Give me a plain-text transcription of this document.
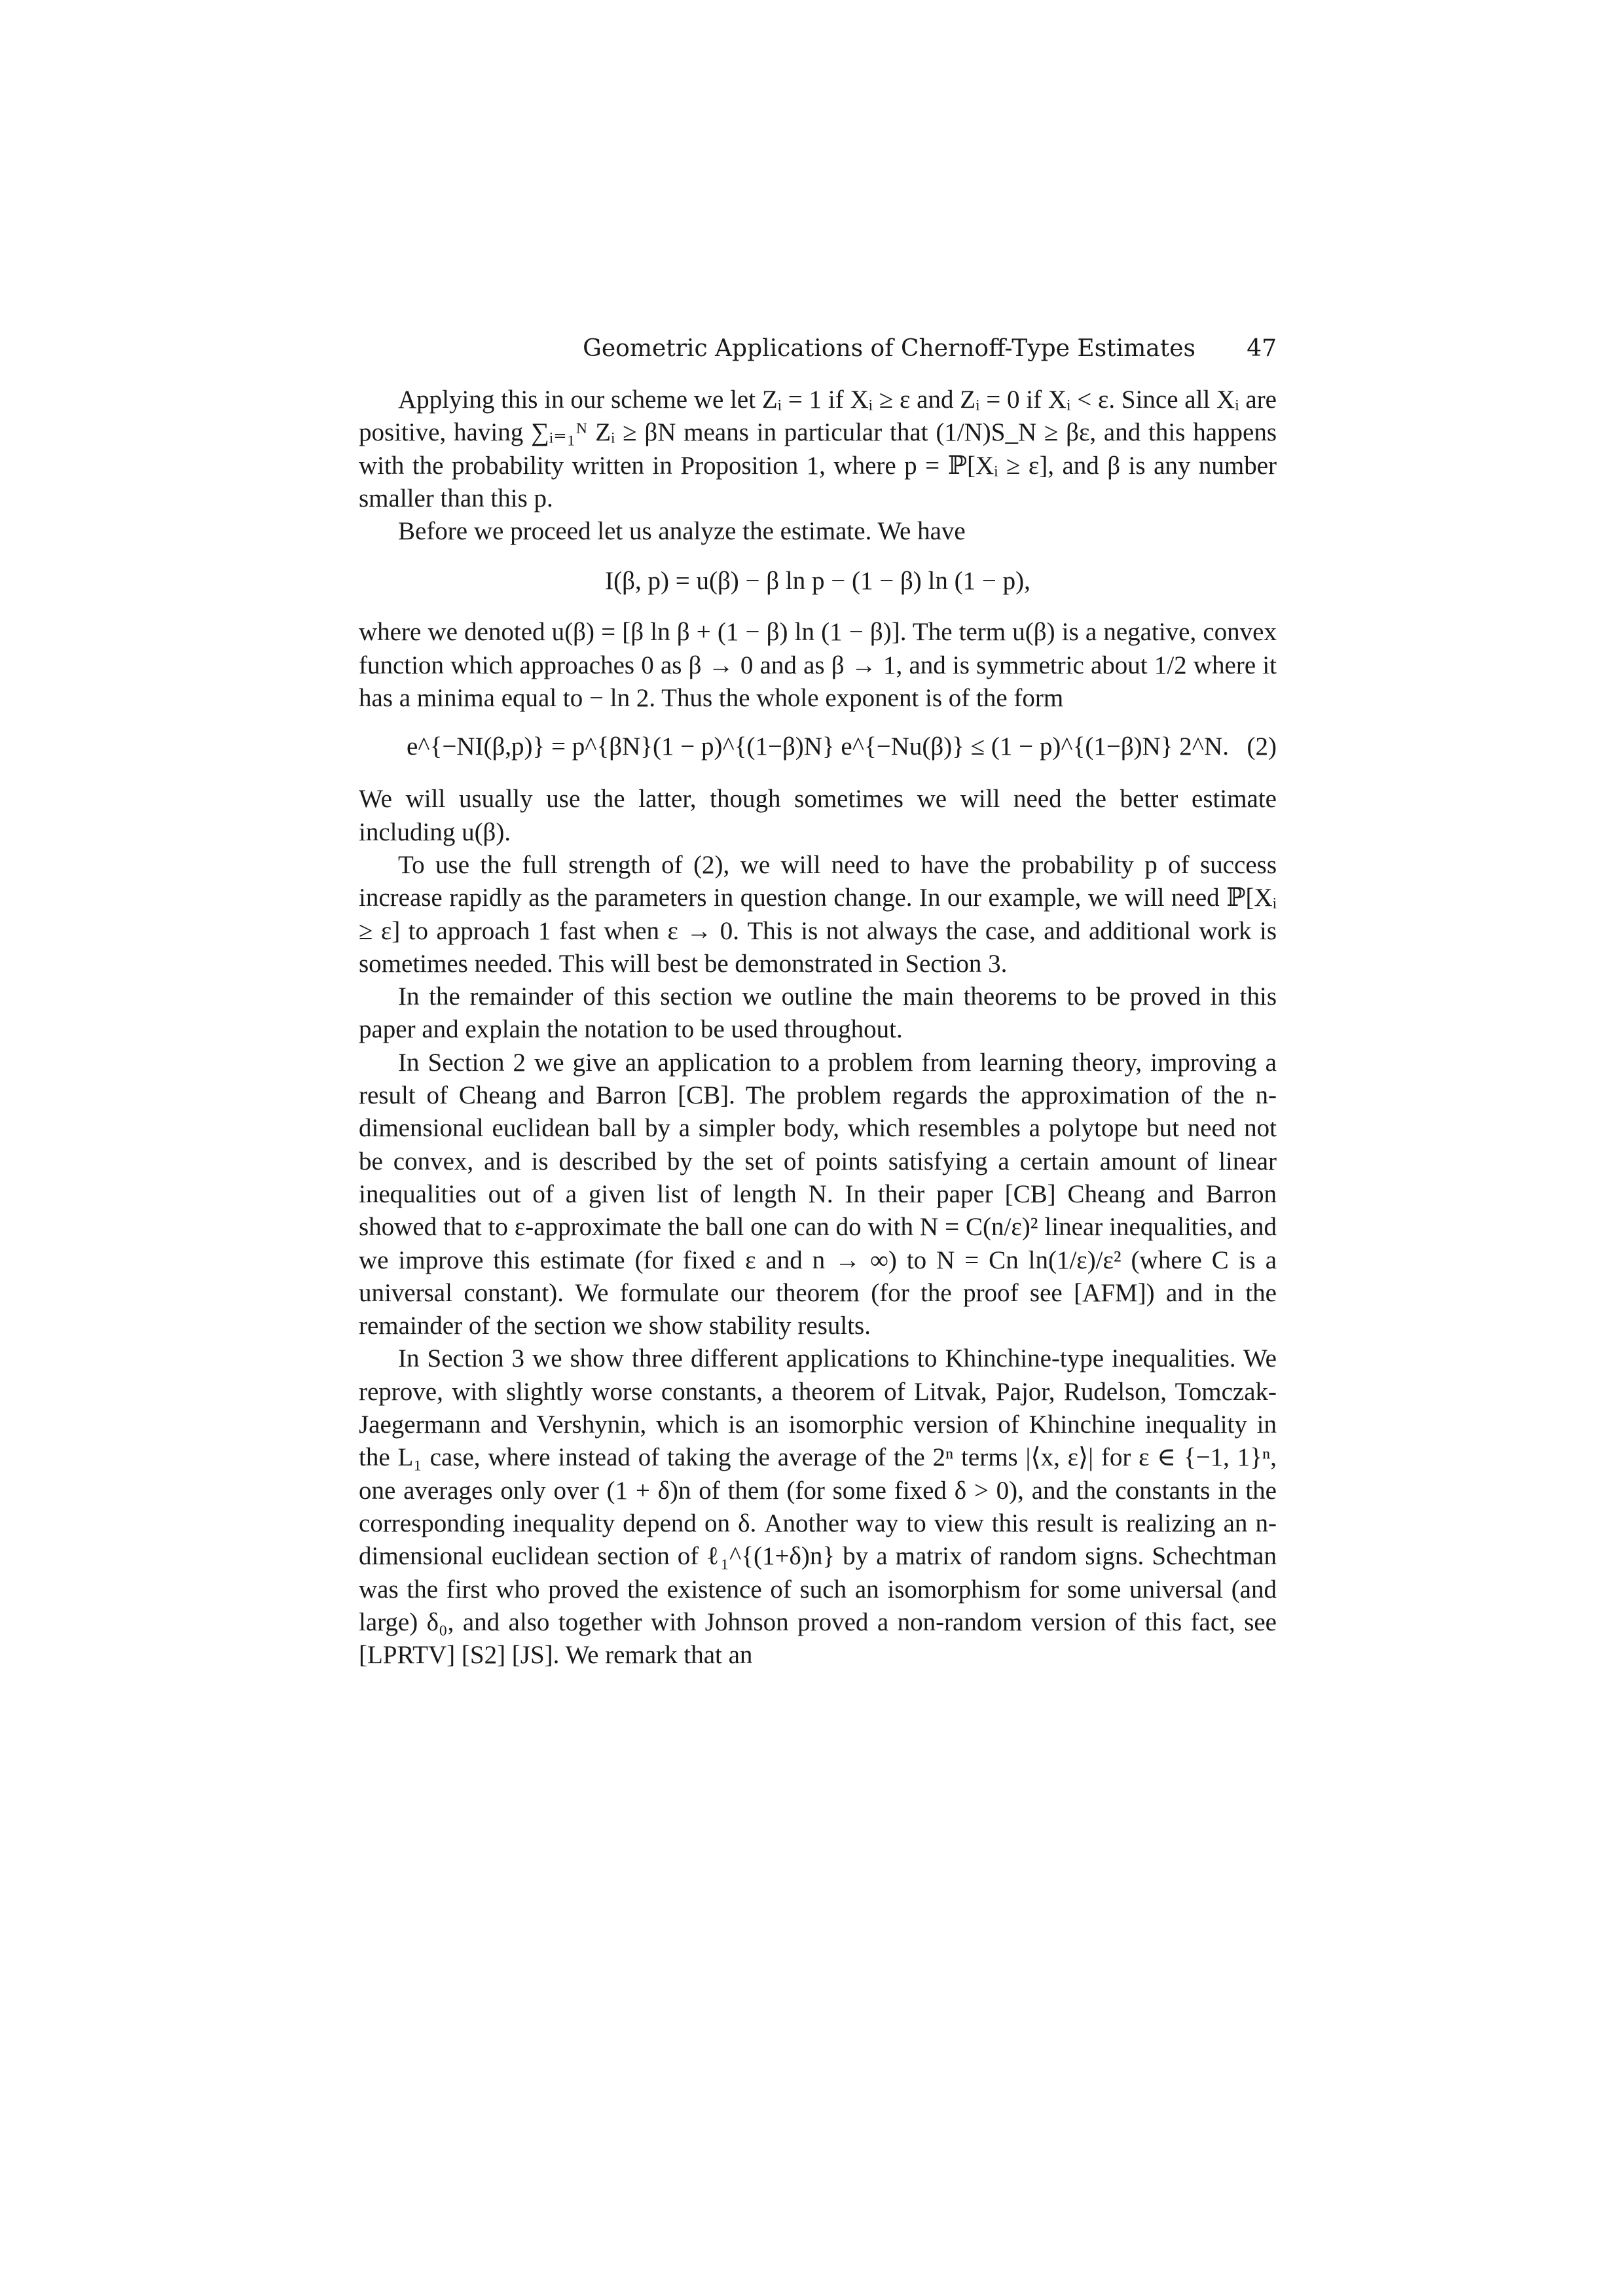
Geometric Applications of Chernoff-Type Estimates 47

Applying this in our scheme we let Zᵢ = 1 if Xᵢ ≥ ε and Zᵢ = 0 if Xᵢ < ε. Since all Xᵢ are positive, having ∑ᵢ₌₁ᴺ Zᵢ ≥ βN means in particular that (1/N)S_N ≥ βε, and this happens with the probability written in Proposition 1, where p = ℙ[Xᵢ ≥ ε], and β is any number smaller than this p.

Before we proceed let us analyze the estimate. We have

I(β, p) = u(β) − β ln p − (1 − β) ln (1 − p),

where we denoted u(β) = [β ln β + (1 − β) ln (1 − β)]. The term u(β) is a negative, convex function which approaches 0 as β → 0 and as β → 1, and is symmetric about 1/2 where it has a minima equal to − ln 2. Thus the whole exponent is of the form

e^{−NI(β,p)} = p^{βN}(1 − p)^{(1−β)N} e^{−Nu(β)} ≤ (1 − p)^{(1−β)N} 2^N. (2)

We will usually use the latter, though sometimes we will need the better estimate including u(β).

To use the full strength of (2), we will need to have the probability p of success increase rapidly as the parameters in question change. In our example, we will need ℙ[Xᵢ ≥ ε] to approach 1 fast when ε → 0. This is not always the case, and additional work is sometimes needed. This will best be demonstrated in Section 3.

In the remainder of this section we outline the main theorems to be proved in this paper and explain the notation to be used throughout.

In Section 2 we give an application to a problem from learning theory, improving a result of Cheang and Barron [CB]. The problem regards the approximation of the n-dimensional euclidean ball by a simpler body, which resembles a polytope but need not be convex, and is described by the set of points satisfying a certain amount of linear inequalities out of a given list of length N. In their paper [CB] Cheang and Barron showed that to ε-approximate the ball one can do with N = C(n/ε)² linear inequalities, and we improve this estimate (for fixed ε and n → ∞) to N = Cn ln(1/ε)/ε² (where C is a universal constant). We formulate our theorem (for the proof see [AFM]) and in the remainder of the section we show stability results.

In Section 3 we show three different applications to Khinchine-type inequalities. We reprove, with slightly worse constants, a theorem of Litvak, Pajor, Rudelson, Tomczak-Jaegermann and Vershynin, which is an isomorphic version of Khinchine inequality in the L₁ case, where instead of taking the average of the 2ⁿ terms |⟨x, ε⟩| for ε ∈ {−1, 1}ⁿ, one averages only over (1 + δ)n of them (for some fixed δ > 0), and the constants in the corresponding inequality depend on δ. Another way to view this result is realizing an n-dimensional euclidean section of ℓ₁^{(1+δ)n} by a matrix of random signs. Schechtman was the first who proved the existence of such an isomorphism for some universal (and large) δ₀, and also together with Johnson proved a non-random version of this fact, see [LPRTV] [S2] [JS]. We remark that an
